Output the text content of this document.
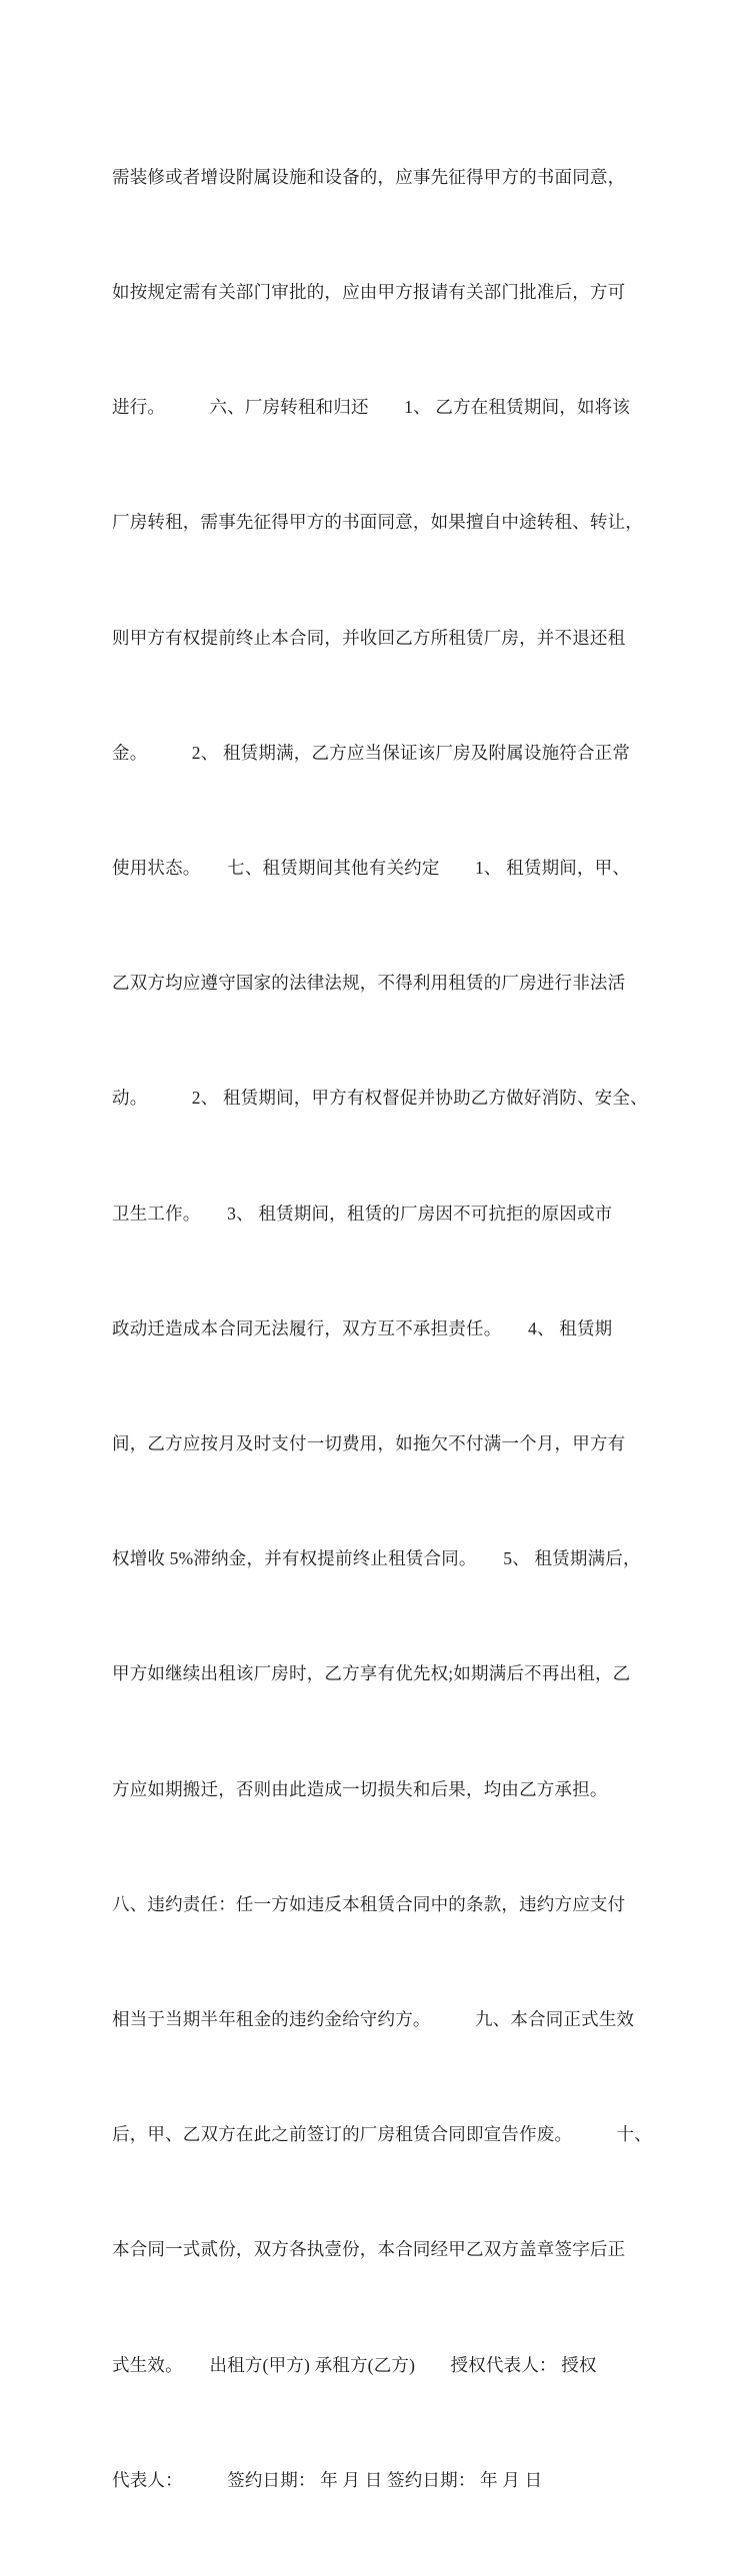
需装修或者增设附属设施和设备的，应事先征得甲方的书面同意，

如按规定需有关部门审批的，应由甲方报请有关部门批准后，方可

进行。　　　六、厂房转租和归还　　1、 乙方在租赁期间，如将该

厂房转租，需事先征得甲方的书面同意，如果擅自中途转租、转让，

则甲方有权提前终止本合同，并收回乙方所租赁厂房，并不退还租

金。　　　2、 租赁期满，乙方应当保证该厂房及附属设施符合正常

使用状态。　　七、租赁期间其他有关约定　　1、 租赁期间，甲、

乙双方均应遵守国家的法律法规，不得利用租赁的厂房进行非法活

动。　　　2、 租赁期间，甲方有权督促并协助乙方做好消防、安全、

卫生工作。　　3、 租赁期间，租赁的厂房因不可抗拒的原因或市

政动迁造成本合同无法履行，双方互不承担责任。　　4、 租赁期

间，乙方应按月及时支付一切费用，如拖欠不付满一个月，甲方有

权增收 5%滞纳金，并有权提前终止租赁合同。　　5、 租赁期满后，

甲方如继续出租该厂房时，乙方享有优先权;如期满后不再出租，乙

方应如期搬迁，否则由此造成一切损失和后果，均由乙方承担。

八、违约责任：任一方如违反本租赁合同中的条款，违约方应支付

相当于当期半年租金的违约金给守约方。　　　九、本合同正式生效

后，甲、乙双方在此之前签订的厂房租赁合同即宣告作废。　　　十、

本合同一式贰份，双方各执壹份，本合同经甲乙双方盖章签字后正

式生效。　　出租方(甲方) 承租方(乙方)　　授权代表人： 授权

代表人：　　　签约日期： 年 月 日 签约日期： 年 月 日
